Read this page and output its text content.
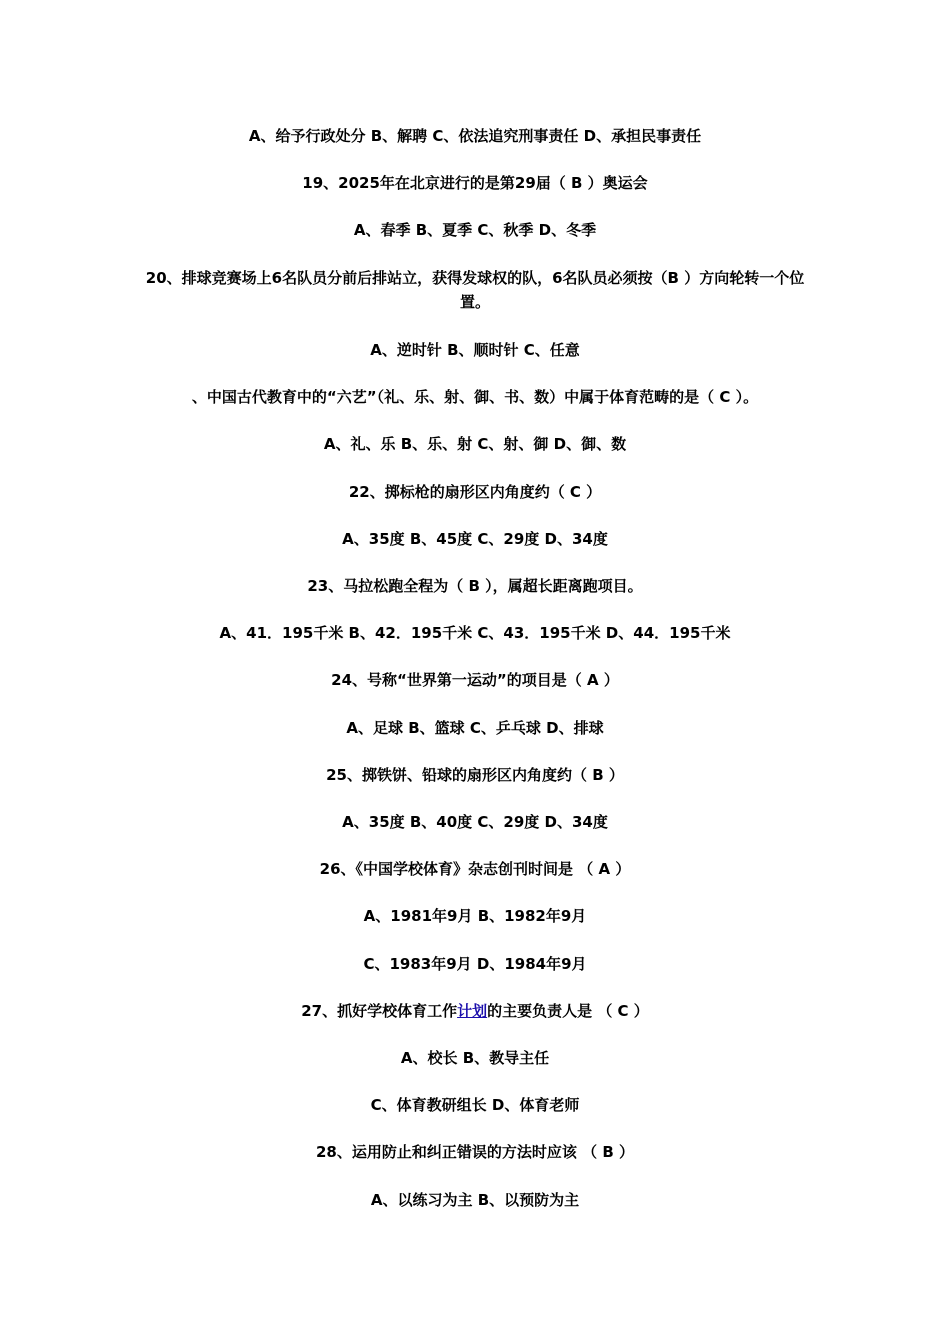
A、给予行政处分 B、解聘 C、依法追究刑事责任 D、承担民事责任
19、2025年在北京进行的是第29届（ B ）奥运会
A、春季 B、夏季 C、秋季 D、冬季
20、排球竞赛场上6名队员分前后排站立，获得发球权的队，6名队员必须按（B ）方向轮转一个位置。
A、逆时针 B、顺时针 C、任意
、中国古代教育中的“六艺”（礼、乐、射、御、书、数）中属于体育范畴的是（ C ）。
A、礼、乐 B、乐、射 C、射、御 D、御、数
22、掷标枪的扇形区内角度约（ C ）
A、35度 B、45度 C、29度 D、34度
23、马拉松跑全程为（ B ），属超长距离跑项目。
A、41．195千米 B、42．195千米 C、43．195千米 D、44．195千米
24、号称“世界第一运动”的项目是（ A ）
A、足球 B、篮球 C、乒乓球 D、排球
25、掷铁饼、铅球的扇形区内角度约（ B ）
A、35度 B、40度 C、29度 D、34度
26、《中国学校体育》杂志创刊时间是 （ A ）
A、1981年9月 B、1982年9月
C、1983年9月 D、1984年9月
27、抓好学校体育工作计划的主要负责人是 （ C ）
A、校长 B、教导主任
C、体育教研组长 D、体育老师
28、运用防止和纠正错误的方法时应该 （ B ）
A、以练习为主 B、以预防为主
